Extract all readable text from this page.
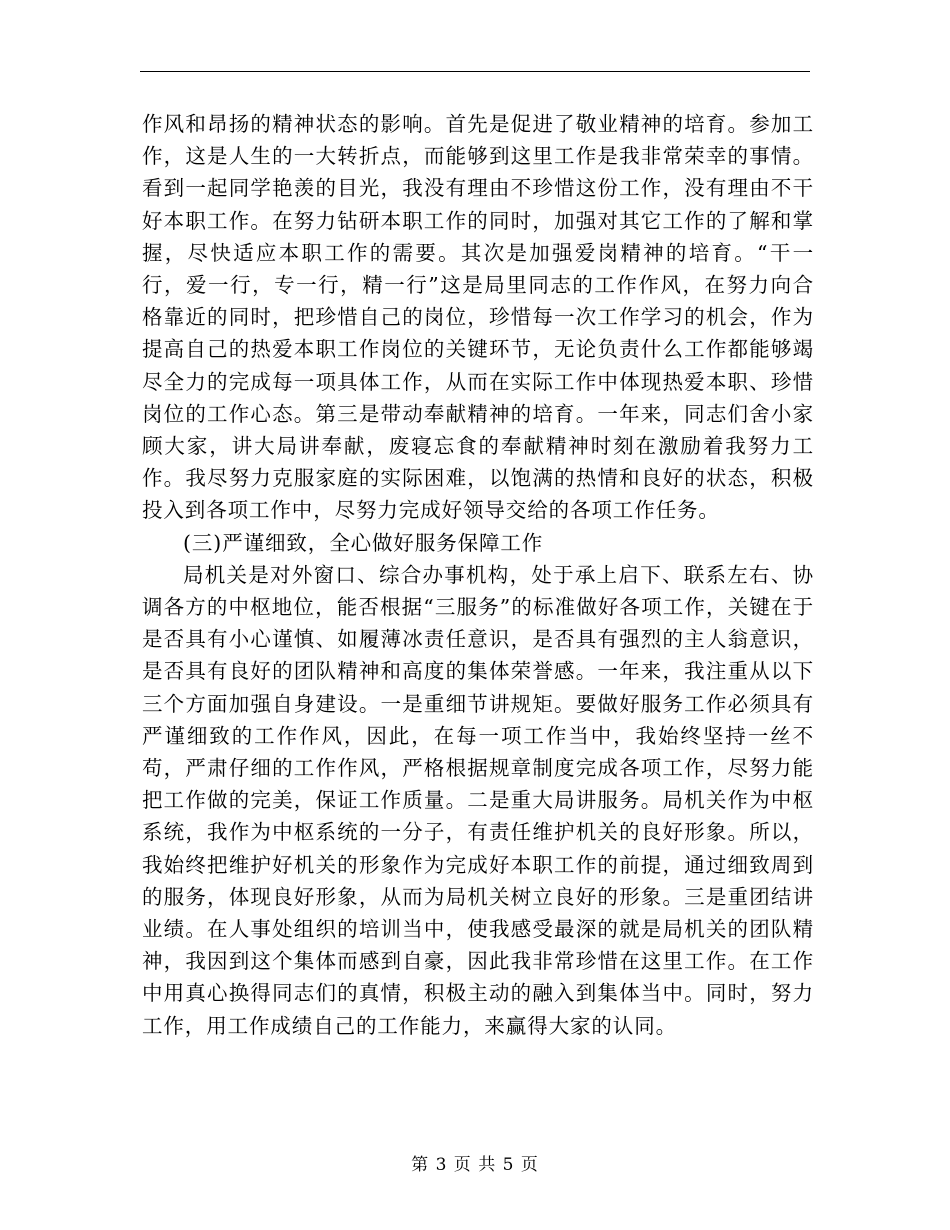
作风和昂扬的精神状态的影响。首先是促进了敬业精神的培育。参加工作，这是人生的一大转折点，而能够到这里工作是我非常荣幸的事情。看到一起同学艳羡的目光，我没有理由不珍惜这份工作，没有理由不干好本职工作。在努力钻研本职工作的同时，加强对其它工作的了解和掌握，尽快适应本职工作的需要。其次是加强爱岗精神的培育。“干一行，爱一行，专一行，精一行”这是局里同志的工作作风，在努力向合格靠近的同时，把珍惜自己的岗位，珍惜每一次工作学习的机会，作为提高自己的热爱本职工作岗位的关键环节，无论负责什么工作都能够竭尽全力的完成每一项具体工作，从而在实际工作中体现热爱本职、珍惜岗位的工作心态。第三是带动奉献精神的培育。一年来，同志们舍小家顾大家，讲大局讲奉献，废寝忘食的奉献精神时刻在激励着我努力工作。我尽努力克服家庭的实际困难，以饱满的热情和良好的状态，积极投入到各项工作中，尽努力完成好领导交给的各项工作任务。

(三)严谨细致，全心做好服务保障工作

局机关是对外窗口、综合办事机构，处于承上启下、联系左右、协调各方的中枢地位，能否根据“三服务”的标准做好各项工作，关键在于是否具有小心谨慎、如履薄冰责任意识，是否具有强烈的主人翁意识，是否具有良好的团队精神和高度的集体荣誉感。一年来，我注重从以下三个方面加强自身建设。一是重细节讲规矩。要做好服务工作必须具有严谨细致的工作作风，因此，在每一项工作当中，我始终坚持一丝不苟，严肃仔细的工作作风，严格根据规章制度完成各项工作，尽努力能把工作做的完美，保证工作质量。二是重大局讲服务。局机关作为中枢系统，我作为中枢系统的一分子，有责任维护机关的良好形象。所以，我始终把维护好机关的形象作为完成好本职工作的前提，通过细致周到的服务，体现良好形象，从而为局机关树立良好的形象。三是重团结讲业绩。在人事处组织的培训当中，使我感受最深的就是局机关的团队精神，我因到这个集体而感到自豪，因此我非常珍惜在这里工作。在工作中用真心换得同志们的真情，积极主动的融入到集体当中。同时，努力工作，用工作成绩自己的工作能力，来赢得大家的认同。

第 3 页 共 5 页
